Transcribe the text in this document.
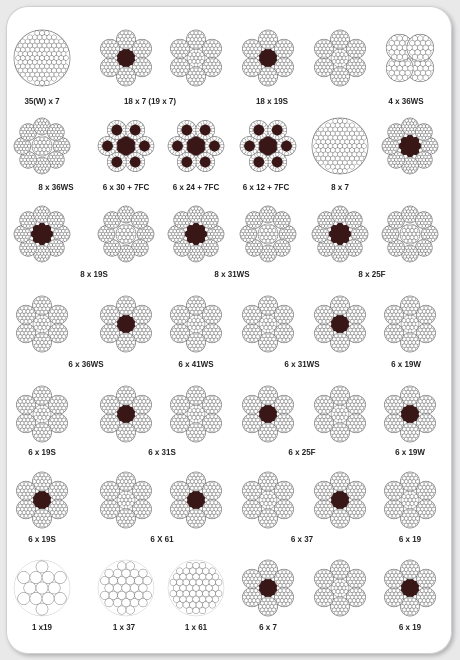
35(W) x 7	18 x 7 (19 x 7)	18 x 19S	4 x 36WS
8 x 36WS	6 x 30 + 7FC	6 x 24 + 7FC	6 x 12 + 7FC	8 x 7
8 x 19S	8 x 31WS	8 x 25F
6 x 36WS	6 x 41WS	6 x 31WS	6 x 19W
6 x 19S	6 x 31S	6 x 25F	6 x 19W
6 x 19S	6 X 61	6 x 37	6 x 19
1 x19	1 x 37	1 x 61	6 x 7	6 x 19
